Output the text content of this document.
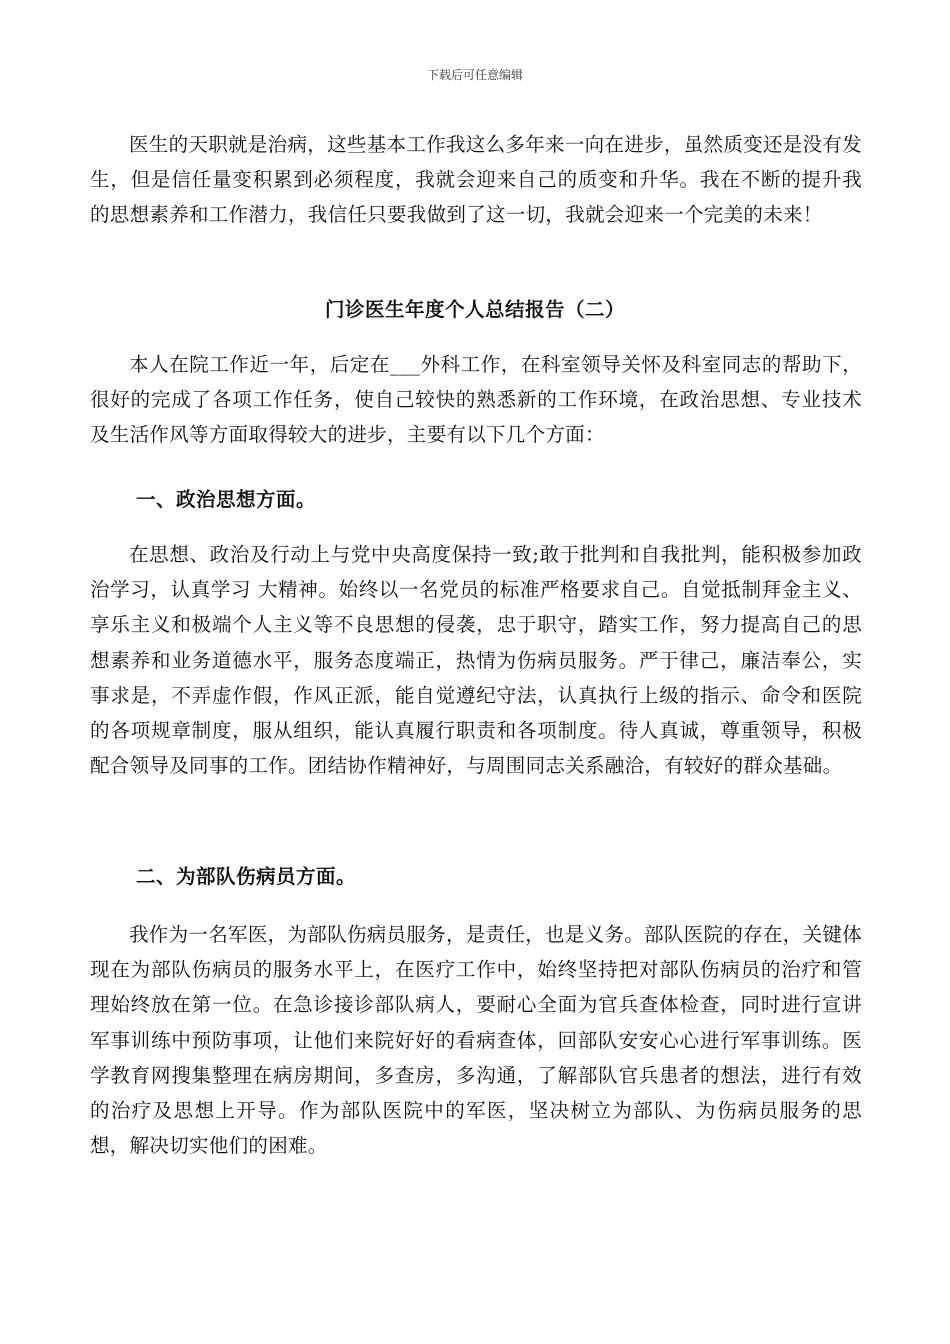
下载后可任意编辑

医生的天职就是治病，这些基本工作我这么多年来一向在进步，虽然质变还是没有发生，但是信任量变积累到必须程度，我就会迎来自己的质变和升华。我在不断的提升我的思想素养和工作潜力，我信任只要我做到了这一切，我就会迎来一个完美的未来！

门诊医生年度个人总结报告（二）

本人在院工作近一年，后定在___外科工作，在科室领导关怀及科室同志的帮助下，很好的完成了各项工作任务，使自己较快的熟悉新的工作环境，在政治思想、专业技术及生活作风等方面取得较大的进步，主要有以下几个方面：

一、政治思想方面。

在思想、政治及行动上与党中央高度保持一致;敢于批判和自我批判，能积极参加政治学习，认真学习 大精神。始终以一名党员的标准严格要求自己。自觉抵制拜金主义、享乐主义和极端个人主义等不良思想的侵袭，忠于职守，踏实工作，努力提高自己的思想素养和业务道德水平，服务态度端正，热情为伤病员服务。严于律己，廉洁奉公，实事求是，不弄虚作假，作风正派，能自觉遵纪守法，认真执行上级的指示、命令和医院的各项规章制度，服从组织，能认真履行职责和各项制度。待人真诚，尊重领导，积极配合领导及同事的工作。团结协作精神好，与周围同志关系融洽，有较好的群众基础。

二、为部队伤病员方面。

我作为一名军医，为部队伤病员服务，是责任，也是义务。部队医院的存在，关键体现在为部队伤病员的服务水平上，在医疗工作中，始终坚持把对部队伤病员的治疗和管理始终放在第一位。在急诊接诊部队病人，要耐心全面为官兵查体检查，同时进行宣讲军事训练中预防事项，让他们来院好好的看病查体，回部队安安心心进行军事训练。医学教育网搜集整理在病房期间，多查房，多沟通，了解部队官兵患者的想法，进行有效的治疗及思想上开导。作为部队医院中的军医，坚决树立为部队、为伤病员服务的思想，解决切实他们的困难。
